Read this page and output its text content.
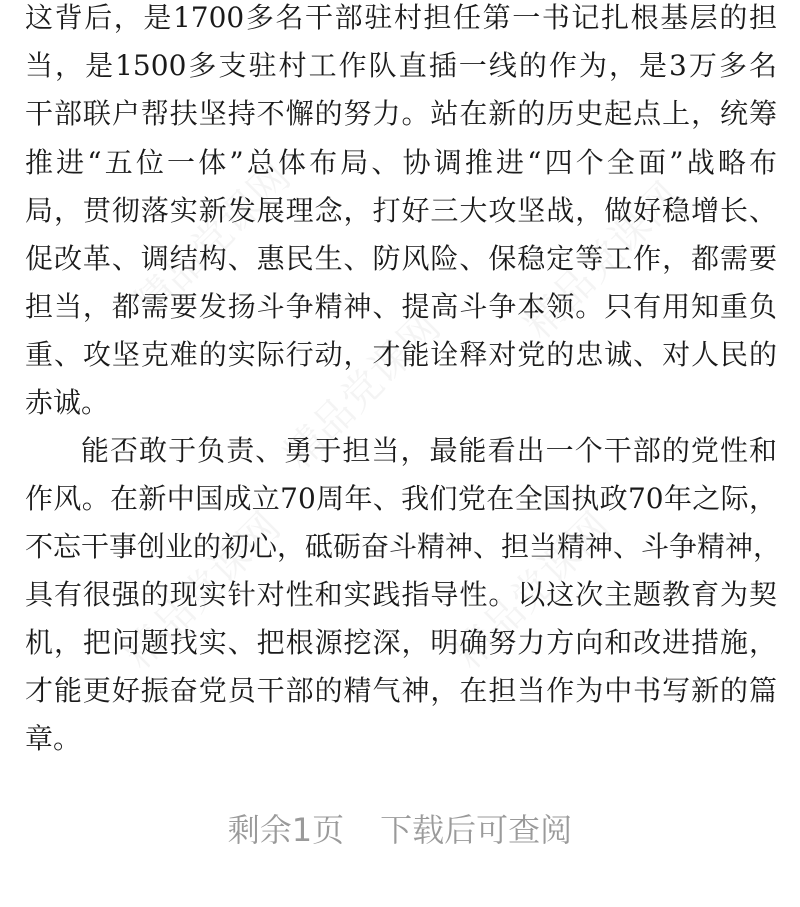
精品党课网	精品党课网
精品党课网
精品党课网	精品党课网
这背后，是1700多名干部驻村担任第一书记扎根基层的担
当，是1500多支驻村工作队直插一线的作为，是3万多名
干部联户帮扶坚持不懈的努力。站在新的历史起点上，统筹
推进“五位一体”总体布局、协调推进“四个全面”战略布
局，贯彻落实新发展理念，打好三大攻坚战，做好稳增长、
促改革、调结构、惠民生、防风险、保稳定等工作，都需要
担当，都需要发扬斗争精神、提高斗争本领。只有用知重负
重、攻坚克难的实际行动，才能诠释对党的忠诚、对人民的
赤诚。
能否敢于负责、勇于担当，最能看出一个干部的党性和
作风。在新中国成立70周年、我们党在全国执政70年之际，
不忘干事创业的初心，砥砺奋斗精神、担当精神、斗争精神，
具有很强的现实针对性和实践指导性。以这次主题教育为契
机，把问题找实、把根源挖深，明确努力方向和改进措施，
才能更好振奋党员干部的精气神，在担当作为中书写新的篇
章。
剩余1页 下载后可查阅
